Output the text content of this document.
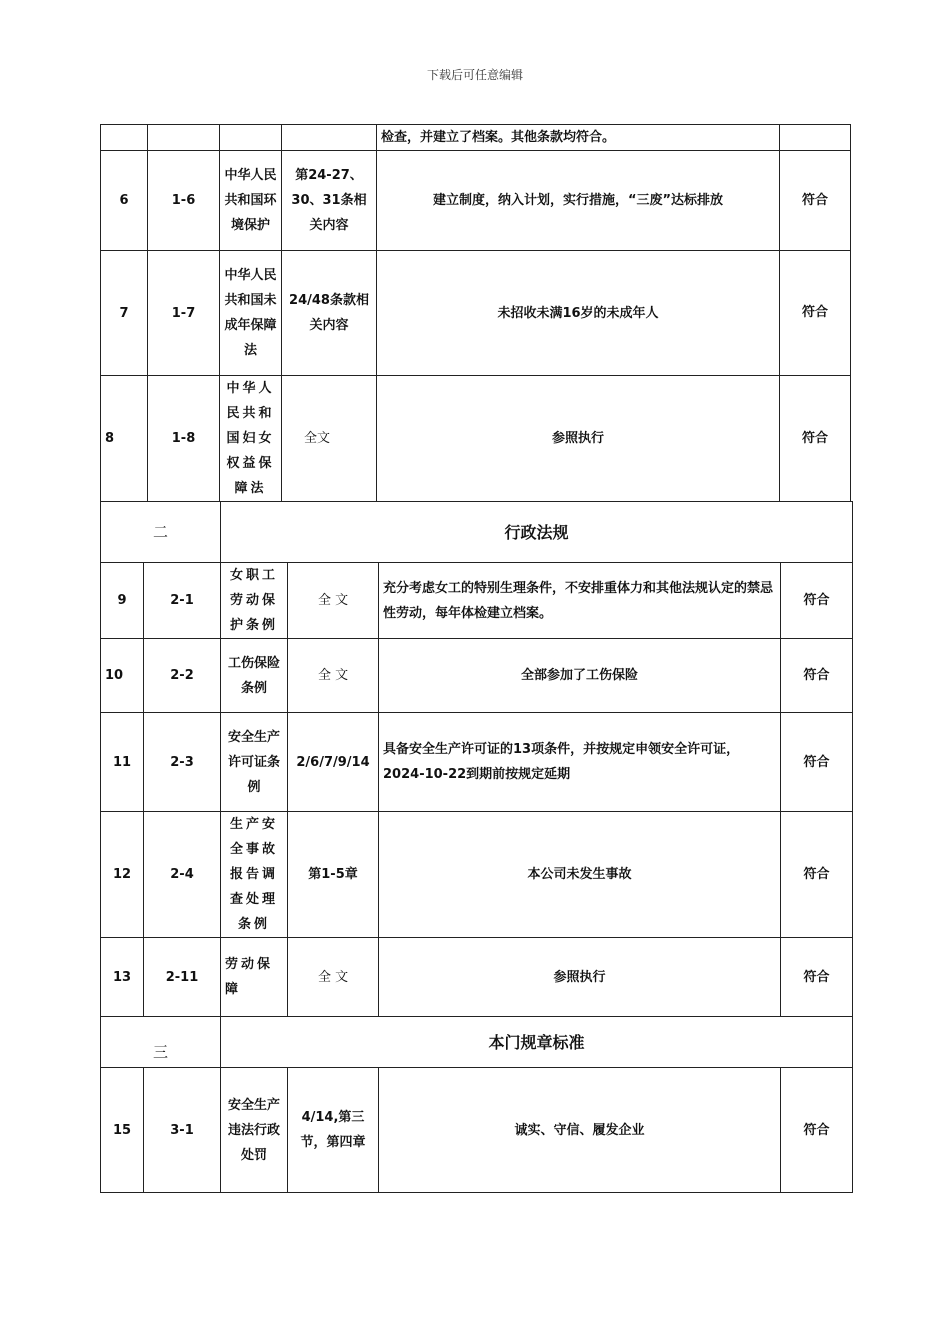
下载后可任意编辑
				检查，并建立了档案。其他条款均符合。	
6	1-6	中华人民共和国环境保护	第24-27、30、31条相关内容	建立制度，纳入计划，实行措施，“三废”达标排放	符合
7	1-7	中华人民共和国未成年保障法	24/48条款相关内容	未招收未满16岁的未成年人	符合
8	1-8	中华人民共和国妇女权益保障法	全文	参照执行	符合
二		行政法规			
9	2-1	女职工劳动保护条例	全 文	充分考虑女工的特别生理条件，不安排重体力和其他法规认定的禁忌性劳动，每年体检建立档案。	符合
10	2-2	工伤保险条例	全 文	全部参加了工伤保险	符合
11	2-3	安全生产许可证条例	2/6/7/9/14	具备安全生产许可证的13项条件，并按规定申领安全许可证，2024-10-22到期前按规定延期	符合
12	2-4	生产安全事故报告调查处理条例	第1-5章	本公司未发生事故	符合
13	2-11	劳动保障	全 文	参照执行	符合
三		本门规章标准			
15	3-1	安全生产违法行政处罚	4/14,第三节，第四章	诚实、守信、履发企业	符合
